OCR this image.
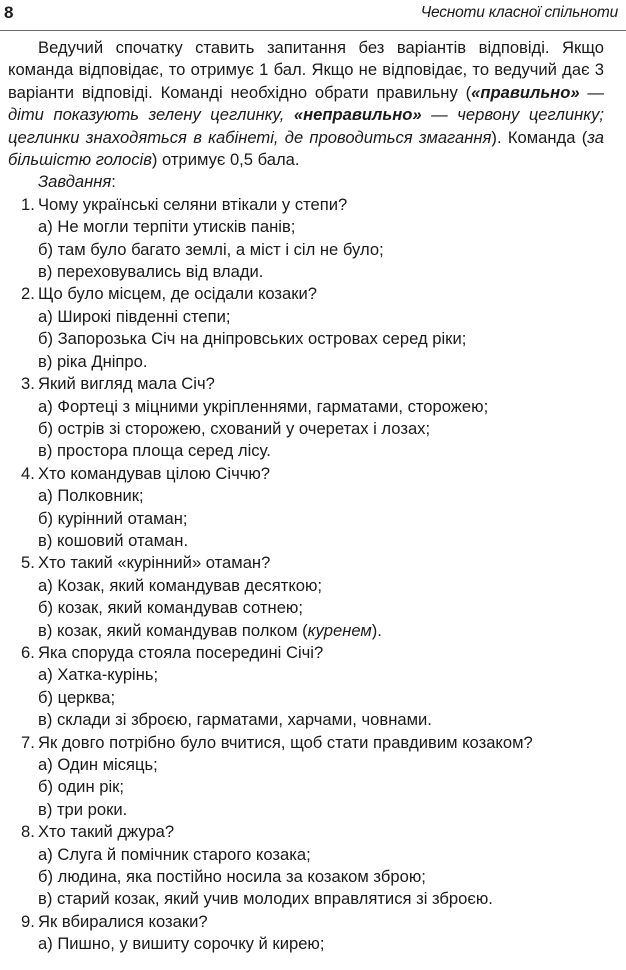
8	Чесноти класної спільноти

Ведучий спочатку ставить запитання без варіантів відповіді. Якщо команда відповідає, то отримує 1 бал. Якщо не відповідає, то ведучий дає 3 варіанти відповіді. Команді необхідно обрати правильну («правильно» — діти показують зелену цеглинку, «неправильно» — червону цеглинку; цеглинки знаходяться в кабінеті, де проводиться змагання). Команда (за більшістю голосів) отримує 0,5 бала.

Завдання:

1. Чому українські селяни втікали у степи?
а) Не могли терпіти утисків панів;
б) там було багато землі, а міст і сіл не було;
в) переховувались від влади.
2. Що було місцем, де осідали козаки?
а) Широкі південні степи;
б) Запорозька Січ на дніпровських островах серед ріки;
в) ріка Дніпро.
3. Який вигляд мала Січ?
а) Фортеці з міцними укріпленнями, гарматами, сторожею;
б) острів зі сторожею, схований у очеретах і лозах;
в) простора площа серед лісу.
4. Хто командував цілою Січчю?
а) Полковник;
б) курінний отаман;
в) кошовий отаман.
5. Хто такий «курінний» отаман?
а) Козак, який командував десяткою;
б) козак, який командував сотнею;
в) козак, який командував полком (куренем).
6. Яка споруда стояла посередині Січі?
а) Хатка-курінь;
б) церква;
в) склади зі зброєю, гарматами, харчами, човнами.
7. Як довго потрібно було вчитися, щоб стати правдивим козаком?
а) Один місяць;
б) один рік;
в) три роки.
8. Хто такий джура?
а) Слуга й помічник старого козака;
б) людина, яка постійно носила за козаком зброю;
в) старий козак, який учив молодих вправлятися зі зброєю.
9. Як вбиралися козаки?
а) Пишно, у вишиту сорочку й кирею;
